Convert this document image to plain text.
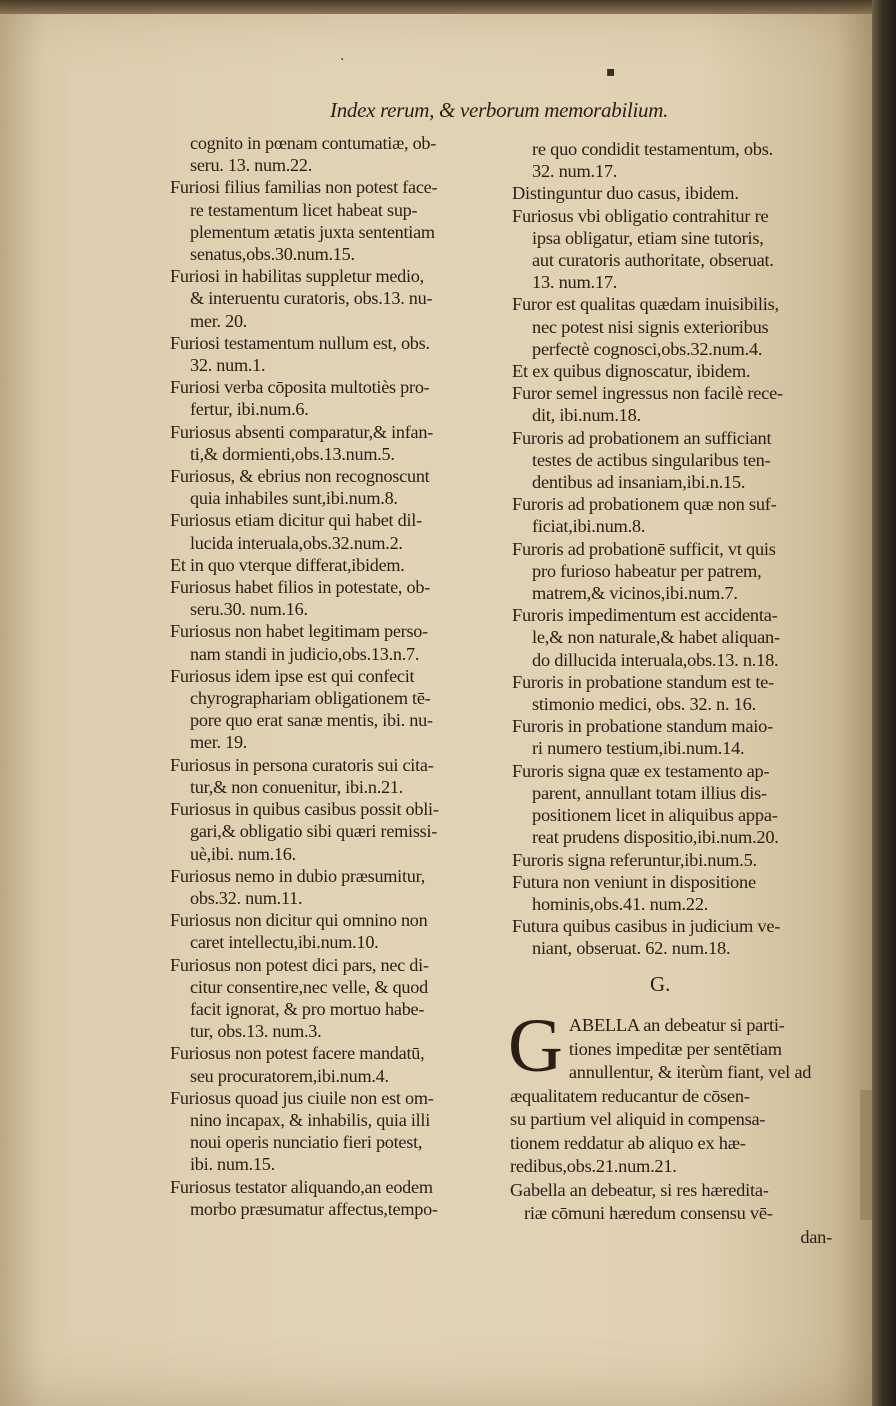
·
▪
Index rerum, & verborum memorabilium.

cognito in pœnam contumatiæ, ob-

seru. 13. num.22.

Furiosi filius familias non potest face-

re testamentum licet habeat sup-

plementum ætatis juxta sententiam

senatus,obs.30.num.15.

Furiosi in habilitas suppletur medio,

& interuentu curatoris, obs.13. nu-

mer. 20.

Furiosi testamentum nullum est, obs.

32. num.1.

Furiosi verba cōposita multotiès pro-

fertur, ibi.num.6.

Furiosus absenti comparatur,& infan-

ti,& dormienti,obs.13.num.5.

Furiosus, & ebrius non recognoscunt

quia inhabiles sunt,ibi.num.8.

Furiosus etiam dicitur qui habet dil-

lucida interuala,obs.32.num.2.

Et in quo vterque differat,ibidem.

Furiosus habet filios in potestate, ob-

seru.30. num.16.

Furiosus non habet legitimam perso-

nam standi in judicio,obs.13.n.7.

Furiosus idem ipse est qui confecit

chyrographariam obligationem tē-

pore quo erat sanæ mentis, ibi. nu-

mer. 19.

Furiosus in persona curatoris sui cita-

tur,& non conuenitur, ibi.n.21.

Furiosus in quibus casibus possit obli-

gari,& obligatio sibi quæri remissi-

uè,ibi. num.16.

Furiosus nemo in dubio præsumitur,

obs.32. num.11.

Furiosus non dicitur qui omnino non

caret intellectu,ibi.num.10.

Furiosus non potest dici pars, nec di-

citur consentire,nec velle, & quod

facit ignorat, & pro mortuo habe-

tur, obs.13. num.3.

Furiosus non potest facere mandatū,

seu procuratorem,ibi.num.4.

Furiosus quoad jus ciuile non est om-

nino incapax, & inhabilis, quia illi

noui operis nunciatio fieri potest,

ibi. num.15.

Furiosus testator aliquando,an eodem

morbo præsumatur affectus,tempo-

re quo condidit testamentum, obs.

32. num.17.

Distinguntur duo casus, ibidem.

Furiosus vbi obligatio contrahitur re

ipsa obligatur, etiam sine tutoris,

aut curatoris authoritate, obseruat.

13. num.17.

Furor est qualitas quædam inuisibilis,

nec potest nisi signis exterioribus

perfectè cognosci,obs.32.num.4.

Et ex quibus dignoscatur, ibidem.

Furor semel ingressus non facilè rece-

dit, ibi.num.18.

Furoris ad probationem an sufficiant

testes de actibus singularibus ten-

dentibus ad insaniam,ibi.n.15.

Furoris ad probationem quæ non suf-

ficiat,ibi.num.8.

Furoris ad probationē sufficit, vt quis

pro furioso habeatur per patrem,

matrem,& vicinos,ibi.num.7.

Furoris impedimentum est accidenta-

le,& non naturale,& habet aliquan-

do dillucida interuala,obs.13. n.18.

Furoris in probatione standum est te-

stimonio medici, obs. 32. n. 16.

Furoris in probatione standum maio-

ri numero testium,ibi.num.14.

Furoris signa quæ ex testamento ap-

parent, annullant totam illius dis-

positionem licet in aliquibus appa-

reat prudens dispositio,ibi.num.20.

Furoris signa referuntur,ibi.num.5.

Futura non veniunt in dispositione

hominis,obs.41. num.22.

Futura quibus casibus in judicium ve-

niant, obseruat. 62. num.18.

G.
G ABELLA an debeatur si parti-

tiones impeditæ per sentētiam

annullentur, & iterùm fiant, vel ad

æqualitatem reducantur de cōsen-

su partium vel aliquid in compensa-

tionem reddatur ab aliquo ex hæ-

redibus,obs.21.num.21.

Gabella an debeatur, si res hæredita-

riæ cōmuni hæredum consensu vē-

dan-
